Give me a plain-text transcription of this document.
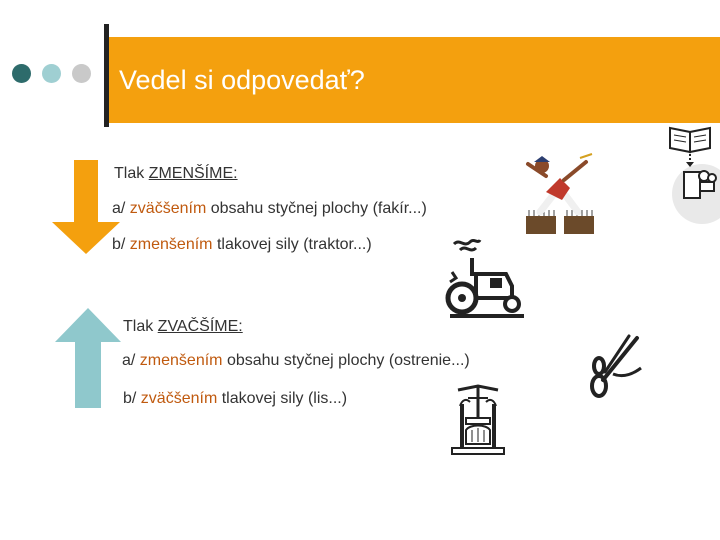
Vedel si odpovedať?
Tlak ZMENŠÍME:
a/ zväčšením obsahu styčnej plochy (fakír...)
b/ zmenšením tlakovej sily (traktor...)
Tlak ZVAČŠÍME:
a/ zmenšením obsahu styčnej plochy (ostrenie...)
b/ zväčšením tlakovej sily (lis...)
